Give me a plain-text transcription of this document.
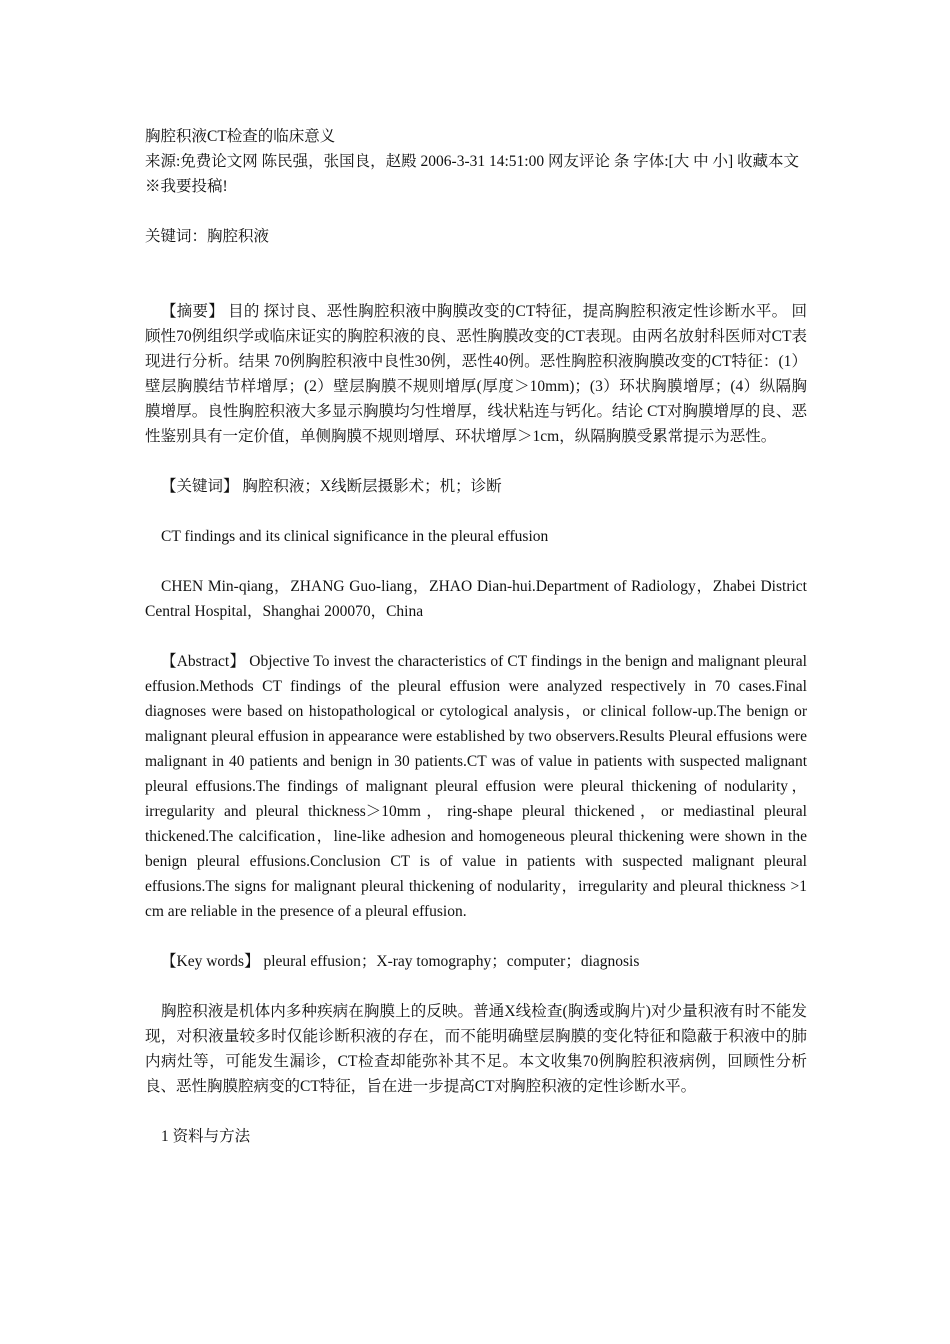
胸腔积液CT检查的临床意义

来源:免费论文网 陈民强，张国良，赵殿 2006-3-31 14:51:00 网友评论 条 字体:[大 中 小] 收藏本文 ※我要投稿!

关键词：胸腔积液

【摘要】 目的 探讨良、恶性胸腔积液中胸膜改变的CT特征，提高胸腔积液定性诊断水平。 回顾性70例组织学或临床证实的胸腔积液的良、恶性胸膜改变的CT表现。由两名放射科医师对CT表现进行分析。结果 70例胸腔积液中良性30例，恶性40例。恶性胸腔积液胸膜改变的CT特征：(1）壁层胸膜结节样增厚；(2）壁层胸膜不规则增厚(厚度＞10mm)；(3）环状胸膜增厚；(4）纵隔胸膜增厚。良性胸腔积液大多显示胸膜均匀性增厚，线状粘连与钙化。结论 CT对胸膜增厚的良、恶性鉴别具有一定价值，单侧胸膜不规则增厚、环状增厚＞1cm，纵隔胸膜受累常提示为恶性。

【关键词】 胸腔积液；X线断层摄影术；机；诊断

CT findings and its clinical significance in the pleural effusion

CHEN Min-qiang，ZHANG Guo-liang，ZHAO Dian-hui.Department of Radiology，Zhabei District Central Hospital，Shanghai 200070，China

【Abstract】 Objective To invest the characteristics of CT findings in the benign and malignant pleural effusion.Methods CT findings of the pleural effusion were analyzed respectively in 70 cases.Final diagnoses were based on histopathological or cytological analysis，or clinical follow-up.The benign or malignant pleural effusion in appearance were established by two observers.Results Pleural effusions were malignant in 40 patients and benign in 30 patients.CT was of value in patients with suspected malignant pleural effusions.The findings of malignant pleural effusion were pleural thickening of nodularity，irregularity and pleural thickness＞10mm，ring-shape pleural thickened，or mediastinal pleural thickened.The calcification，line-like adhesion and homogeneous pleural thickening were shown in the benign pleural effusions.Conclusion CT is of value in patients with suspected malignant pleural effusions.The signs for malignant pleural thickening of nodularity，irregularity and pleural thickness >1 cm are reliable in the presence of a pleural effusion.

【Key words】 pleural effusion；X-ray tomography；computer；diagnosis

胸腔积液是机体内多种疾病在胸膜上的反映。普通X线检查(胸透或胸片)对少量积液有时不能发现，对积液量较多时仅能诊断积液的存在，而不能明确壁层胸膜的变化特征和隐蔽于积液中的肺内病灶等，可能发生漏诊，CT检查却能弥补其不足。本文收集70例胸腔积液病例，回顾性分析良、恶性胸膜腔病变的CT特征，旨在进一步提高CT对胸腔积液的定性诊断水平。

1 资料与方法
